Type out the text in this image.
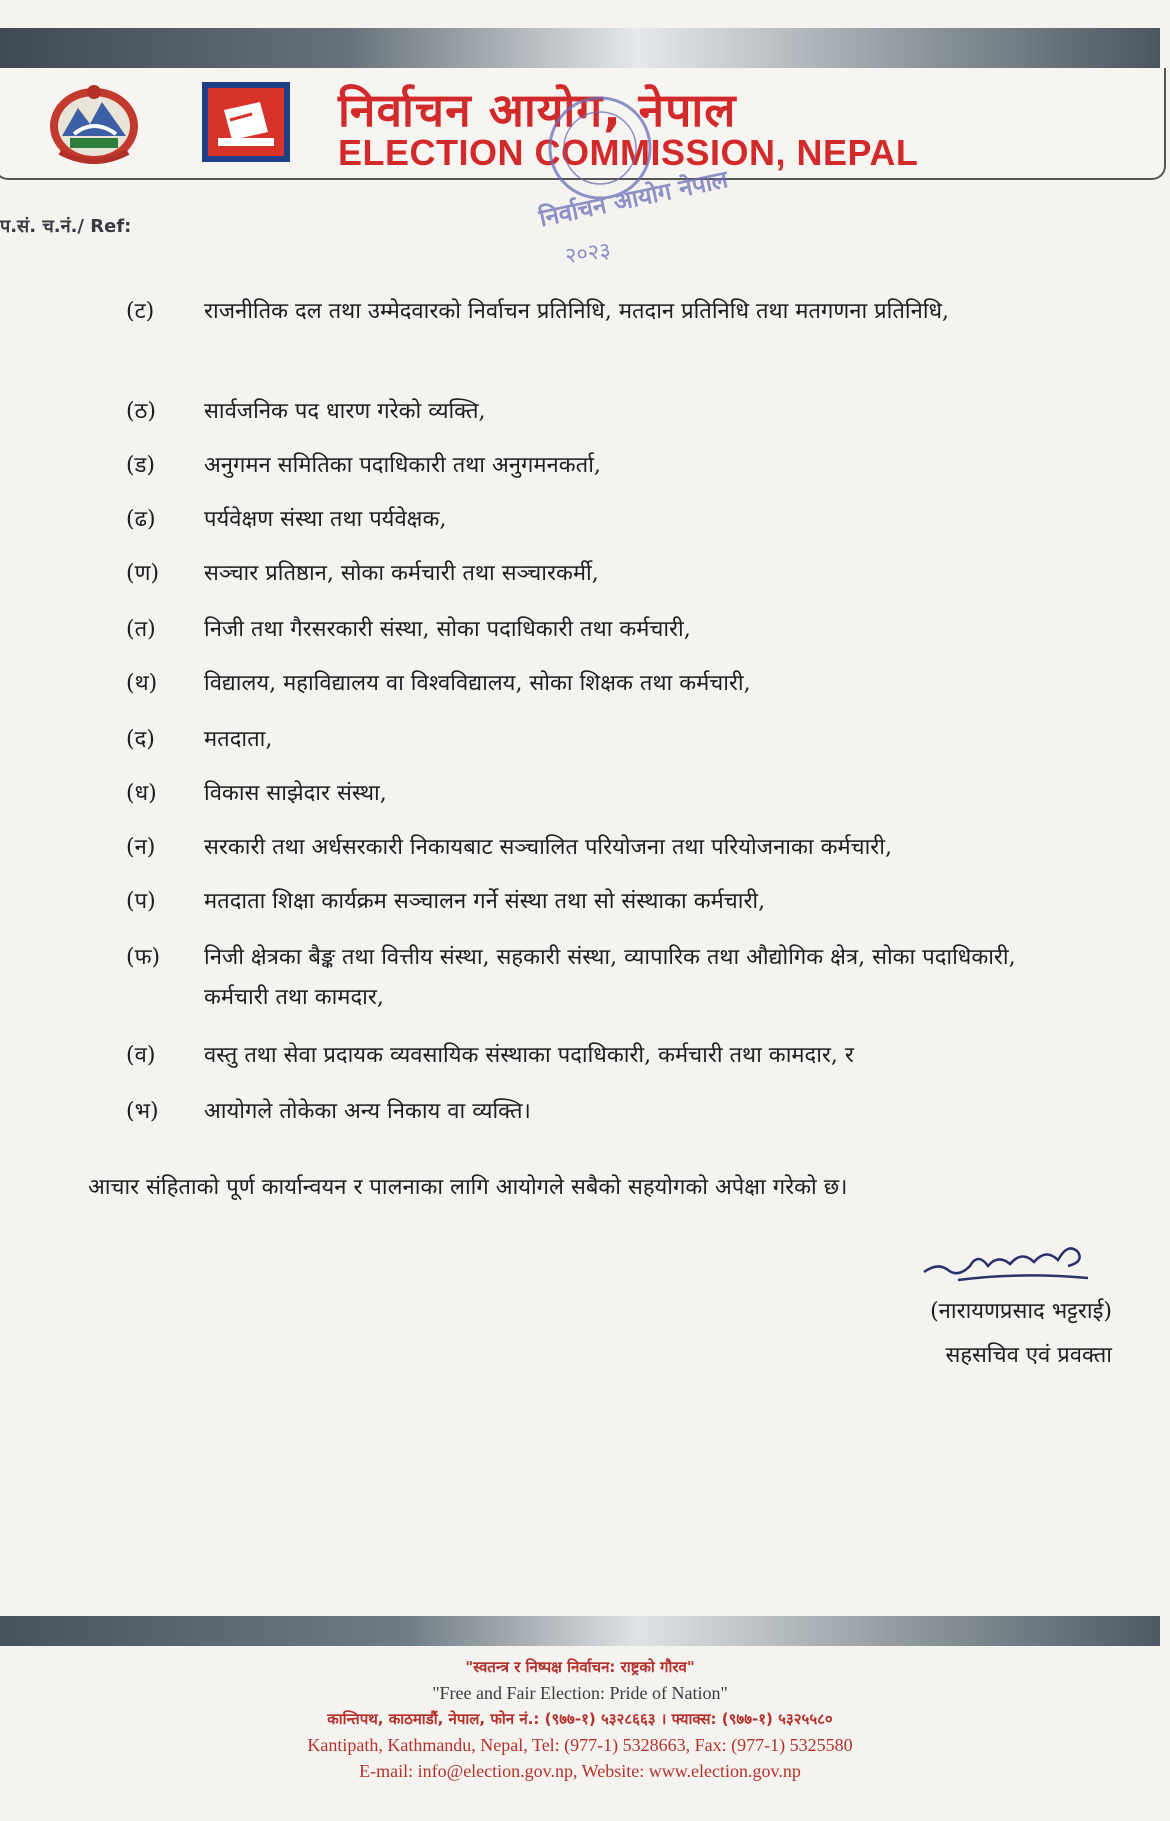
निर्वाचन आयोग, नेपाल
ELECTION COMMISSION, NEPAL
निर्वाचन आयोग नेपाल
२०२३
प.सं. च.नं./ Ref:
(ट)	राजनीतिक दल तथा उम्मेदवारको निर्वाचन प्रतिनिधि, मतदान प्रतिनिधि तथा मतगणना प्रतिनिधि,
(ठ)	सार्वजनिक पद धारण गरेको व्यक्ति,
(ड)	अनुगमन समितिका पदाधिकारी तथा अनुगमनकर्ता,
(ढ)	पर्यवेक्षण संस्था तथा पर्यवेक्षक,
(ण)	सञ्चार प्रतिष्ठान, सोका कर्मचारी तथा सञ्चारकर्मी,
(त)	निजी तथा गैरसरकारी संस्था, सोका पदाधिकारी तथा कर्मचारी,
(थ)	विद्यालय, महाविद्यालय वा विश्वविद्यालय, सोका शिक्षक तथा कर्मचारी,
(द)	मतदाता,
(ध)	विकास साझेदार संस्था,
(न)	सरकारी तथा अर्धसरकारी निकायबाट सञ्चालित परियोजना तथा परियोजनाका कर्मचारी,
(प)	मतदाता शिक्षा कार्यक्रम सञ्चालन गर्ने संस्था तथा सो संस्थाका कर्मचारी,
(फ)	निजी क्षेत्रका बैङ्क तथा वित्तीय संस्था, सहकारी संस्था, व्यापारिक तथा औद्योगिक क्षेत्र, सोका पदाधिकारी, कर्मचारी तथा कामदार,
(व)	वस्तु तथा सेवा प्रदायक व्यवसायिक संस्थाका पदाधिकारी, कर्मचारी तथा कामदार, र
(भ)	आयोगले तोकेका अन्य निकाय वा व्यक्ति।
आचार संहिताको पूर्ण कार्यान्वयन र पालनाका लागि आयोगले सबैको सहयोगको अपेक्षा गरेको छ।
(नारायणप्रसाद भट्टराई)
सहसचिव एवं प्रवक्ता
"स्वतन्त्र र निष्पक्ष निर्वाचन: राष्ट्रको गौरव"
"Free and Fair Election: Pride of Nation"
कान्तिपथ, काठमाडौं, नेपाल, फोन नं.: (९७७-१) ५३२८६६३ । फ्याक्स: (९७७-१) ५३२५५८०
Kantipath, Kathmandu, Nepal, Tel: (977-1) 5328663, Fax: (977-1) 5325580
E-mail: info@election.gov.np, Website: www.election.gov.np
